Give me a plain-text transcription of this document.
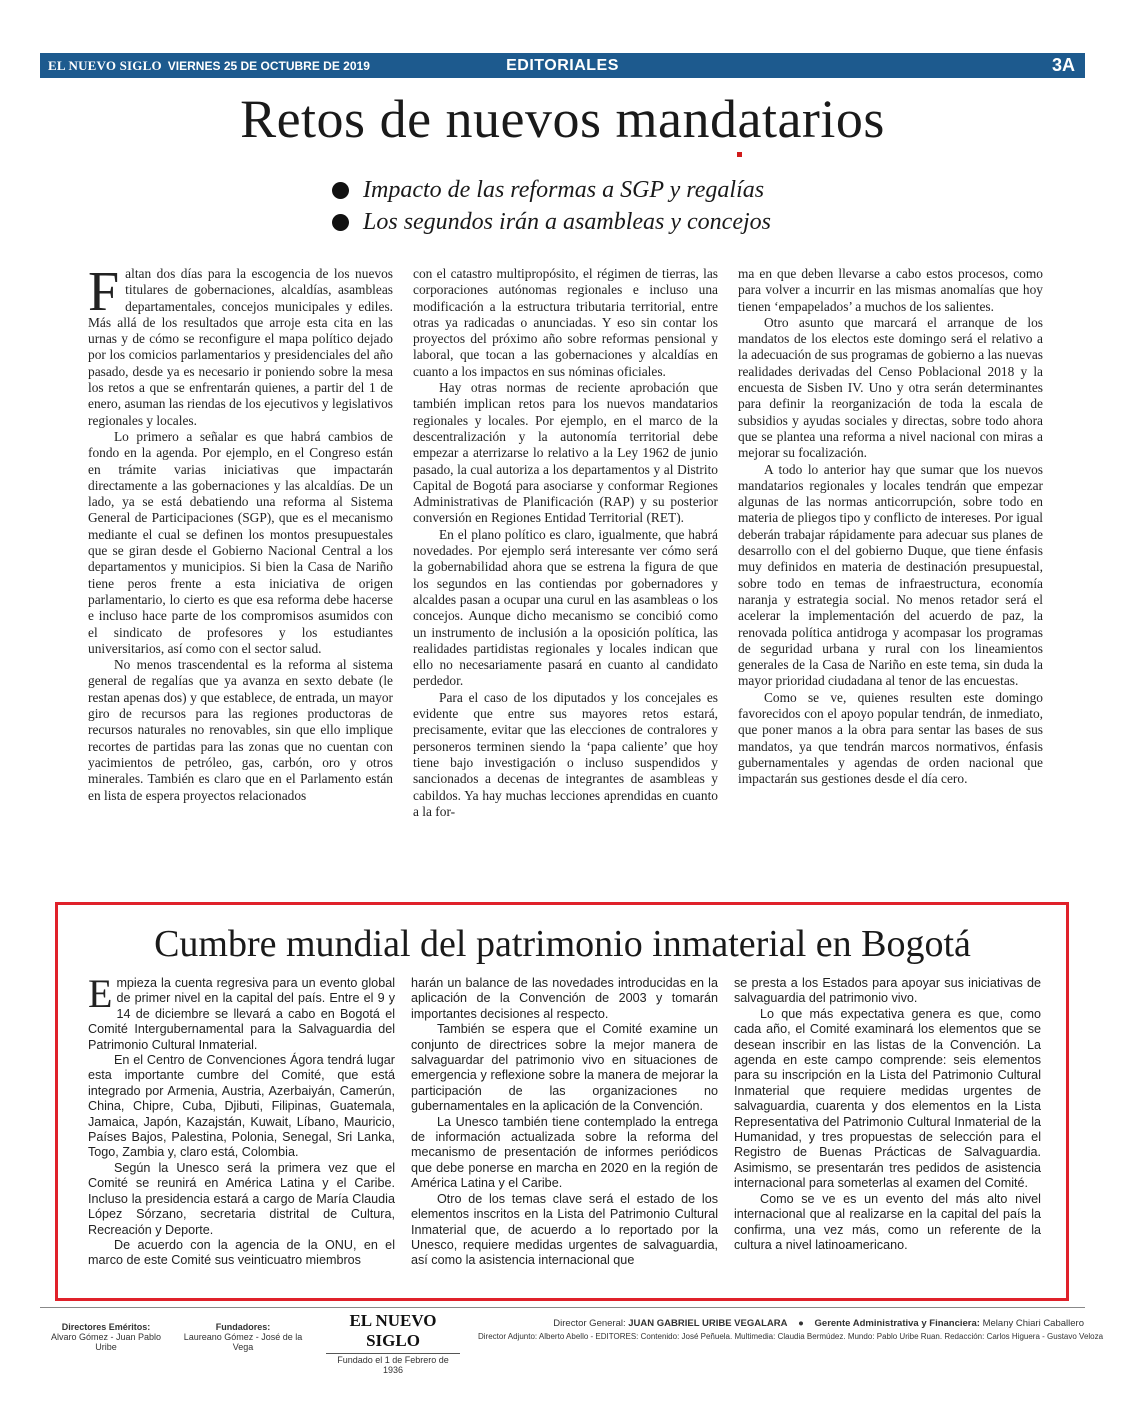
EL NUEVO SIGLO VIERNES 25 DE OCTUBRE DE 2019	EDITORIALES	3A
Retos de nuevos mandatarios
Impacto de las reformas a SGP y regalías
Los segundos irán a asambleas y concejos

Faltan dos días para la escogencia de los nuevos titulares de gobernaciones, alcaldías, asambleas departamentales, concejos municipales y ediles. Más allá de los resultados que arroje esta cita en las urnas y de cómo se reconfigure el mapa político dejado por los comicios parlamentarios y presidenciales del año pasado, desde ya es necesario ir poniendo sobre la mesa los retos a que se enfrentarán quienes, a partir del 1 de enero, asuman las riendas de los ejecutivos y legislativos regionales y locales.

Lo primero a señalar es que habrá cambios de fondo en la agenda. Por ejemplo, en el Congreso están en trámite varias iniciativas que impactarán directamente a las gobernaciones y las alcaldías. De un lado, ya se está debatiendo una reforma al Sistema General de Participaciones (SGP), que es el mecanismo mediante el cual se definen los montos presupuestales que se giran desde el Gobierno Nacional Central a los departamentos y municipios. Si bien la Casa de Nariño tiene peros frente a esta iniciativa de origen parlamentario, lo cierto es que esa reforma debe hacerse e incluso hace parte de los compromisos asumidos con el sindicato de profesores y los estudiantes universitarios, así como con el sector salud.

No menos trascendental es la reforma al sistema general de regalías que ya avanza en sexto debate (le restan apenas dos) y que establece, de entrada, un mayor giro de recursos para las regiones productoras de recursos naturales no renovables, sin que ello implique recortes de partidas para las zonas que no cuentan con yacimientos de petróleo, gas, carbón, oro y otros minerales. También es claro que en el Parlamento están en lista de espera proyectos relacionados

con el catastro multipropósito, el régimen de tierras, las corporaciones autónomas regionales e incluso una modificación a la estructura tributaria territorial, entre otras ya radicadas o anunciadas. Y eso sin contar los proyectos del próximo año sobre reformas pensional y laboral, que tocan a las gobernaciones y alcaldías en cuanto a los impactos en sus nóminas oficiales.

Hay otras normas de reciente aprobación que también implican retos para los nuevos mandatarios regionales y locales. Por ejemplo, en el marco de la descentralización y la autonomía territorial debe empezar a aterrizarse lo relativo a la Ley 1962 de junio pasado, la cual autoriza a los departamentos y al Distrito Capital de Bogotá para asociarse y conformar Regiones Administrativas de Planificación (RAP) y su posterior conversión en Regiones Entidad Territorial (RET).

En el plano político es claro, igualmente, que habrá novedades. Por ejemplo será interesante ver cómo será la gobernabilidad ahora que se estrena la figura de que los segundos en las contiendas por gobernadores y alcaldes pasan a ocupar una curul en las asambleas o los concejos. Aunque dicho mecanismo se concibió como un instrumento de inclusión a la oposición política, las realidades partidistas regionales y locales indican que ello no necesariamente pasará en cuanto al candidato perdedor.

Para el caso de los diputados y los concejales es evidente que entre sus mayores retos estará, precisamente, evitar que las elecciones de contralores y personeros terminen siendo la ‘papa caliente’ que hoy tiene bajo investigación o incluso suspendidos y sancionados a decenas de integrantes de asambleas y cabildos. Ya hay muchas lecciones aprendidas en cuanto a la for-

ma en que deben llevarse a cabo estos procesos, como para volver a incurrir en las mismas anomalías que hoy tienen ‘empapelados’ a muchos de los salientes.

Otro asunto que marcará el arranque de los mandatos de los electos este domingo será el relativo a la adecuación de sus programas de gobierno a las nuevas realidades derivadas del Censo Poblacional 2018 y la encuesta de Sisben IV. Uno y otra serán determinantes para definir la reorganización de toda la escala de subsidios y ayudas sociales y directas, sobre todo ahora que se plantea una reforma a nivel nacional con miras a mejorar su focalización.

A todo lo anterior hay que sumar que los nuevos mandatarios regionales y locales tendrán que empezar algunas de las normas anticorrupción, sobre todo en materia de pliegos tipo y conflicto de intereses. Por igual deberán trabajar rápidamente para adecuar sus planes de desarrollo con el del gobierno Duque, que tiene énfasis muy definidos en materia de destinación presupuestal, sobre todo en temas de infraestructura, economía naranja y estrategia social. No menos retador será el acelerar la implementación del acuerdo de paz, la renovada política antidroga y acompasar los programas de seguridad urbana y rural con los lineamientos generales de la Casa de Nariño en este tema, sin duda la mayor prioridad ciudadana al tenor de las encuestas.

Como se ve, quienes resulten este domingo favorecidos con el apoyo popular tendrán, de inmediato, que poner manos a la obra para sentar las bases de sus mandatos, ya que tendrán marcos normativos, énfasis gubernamentales y agendas de orden nacional que impactarán sus gestiones desde el día cero.

Cumbre mundial del patrimonio inmaterial en Bogotá

Empieza la cuenta regresiva para un evento global de primer nivel en la capital del país. Entre el 9 y 14 de diciembre se llevará a cabo en Bogotá el Comité Intergubernamental para la Salvaguardia del Patrimonio Cultural Inmaterial.

En el Centro de Convenciones Ágora tendrá lugar esta importante cumbre del Comité, que está integrado por Armenia, Austria, Azerbaiyán, Camerún, China, Chipre, Cuba, Djibuti, Filipinas, Guatemala, Jamaica, Japón, Kazajstán, Kuwait, Líbano, Mauricio, Países Bajos, Palestina, Polonia, Senegal, Sri Lanka, Togo, Zambia y, claro está, Colombia.

Según la Unesco será la primera vez que el Comité se reunirá en América Latina y el Caribe. Incluso la presidencia estará a cargo de María Claudia López Sórzano, secretaria distrital de Cultura, Recreación y Deporte.

De acuerdo con la agencia de la ONU, en el marco de este Comité sus veinticuatro miembros

harán un balance de las novedades introducidas en la aplicación de la Convención de 2003 y tomarán importantes decisiones al respecto.

También se espera que el Comité examine un conjunto de directrices sobre la mejor manera de salvaguardar del patrimonio vivo en situaciones de emergencia y reflexione sobre la manera de mejorar la participación de las organizaciones no gubernamentales en la aplicación de la Convención.

La Unesco también tiene contemplado la entrega de información actualizada sobre la reforma del mecanismo de presentación de informes periódicos que debe ponerse en marcha en 2020 en la región de América Latina y el Caribe.

Otro de los temas clave será el estado de los elementos inscritos en la Lista del Patrimonio Cultural Inmaterial que, de acuerdo a lo reportado por la Unesco, requiere medidas urgentes de salvaguardia, así como la asistencia internacional que

se presta a los Estados para apoyar sus iniciativas de salvaguardia del patrimonio vivo.

Lo que más expectativa genera es que, como cada año, el Comité examinará los elementos que se desean inscribir en las listas de la Convención. La agenda en este campo comprende: seis elementos para su inscripción en la Lista del Patrimonio Cultural Inmaterial que requiere medidas urgentes de salvaguardia, cuarenta y dos elementos en la Lista Representativa del Patrimonio Cultural Inmaterial de la Humanidad, y tres propuestas de selección para el Registro de Buenas Prácticas de Salvaguardia. Asimismo, se presentarán tres pedidos de asistencia internacional para someterlas al examen del Comité.

Como se ve es un evento del más alto nivel internacional que al realizarse en la capital del país la confirma, una vez más, como un referente de la cultura a nivel latinoamericano.

Directores Eméritos:
Alvaro Gómez - Juan Pablo Uribe
Fundadores:
Laureano Gómez - José de la Vega
EL NUEVO SIGLO
Fundado el 1 de Febrero de 1936
Director General: JUAN GABRIEL URIBE VEGALARA ● Gerente Administrativa y Financiera: Melany Chiari Caballero
Director Adjunto: Alberto Abello - EDITORES: Contenido: José Peñuela. Multimedia: Claudia Bermúdez. Mundo: Pablo Uribe Ruan. Redacción: Carlos Higuera - Gustavo Veloza
